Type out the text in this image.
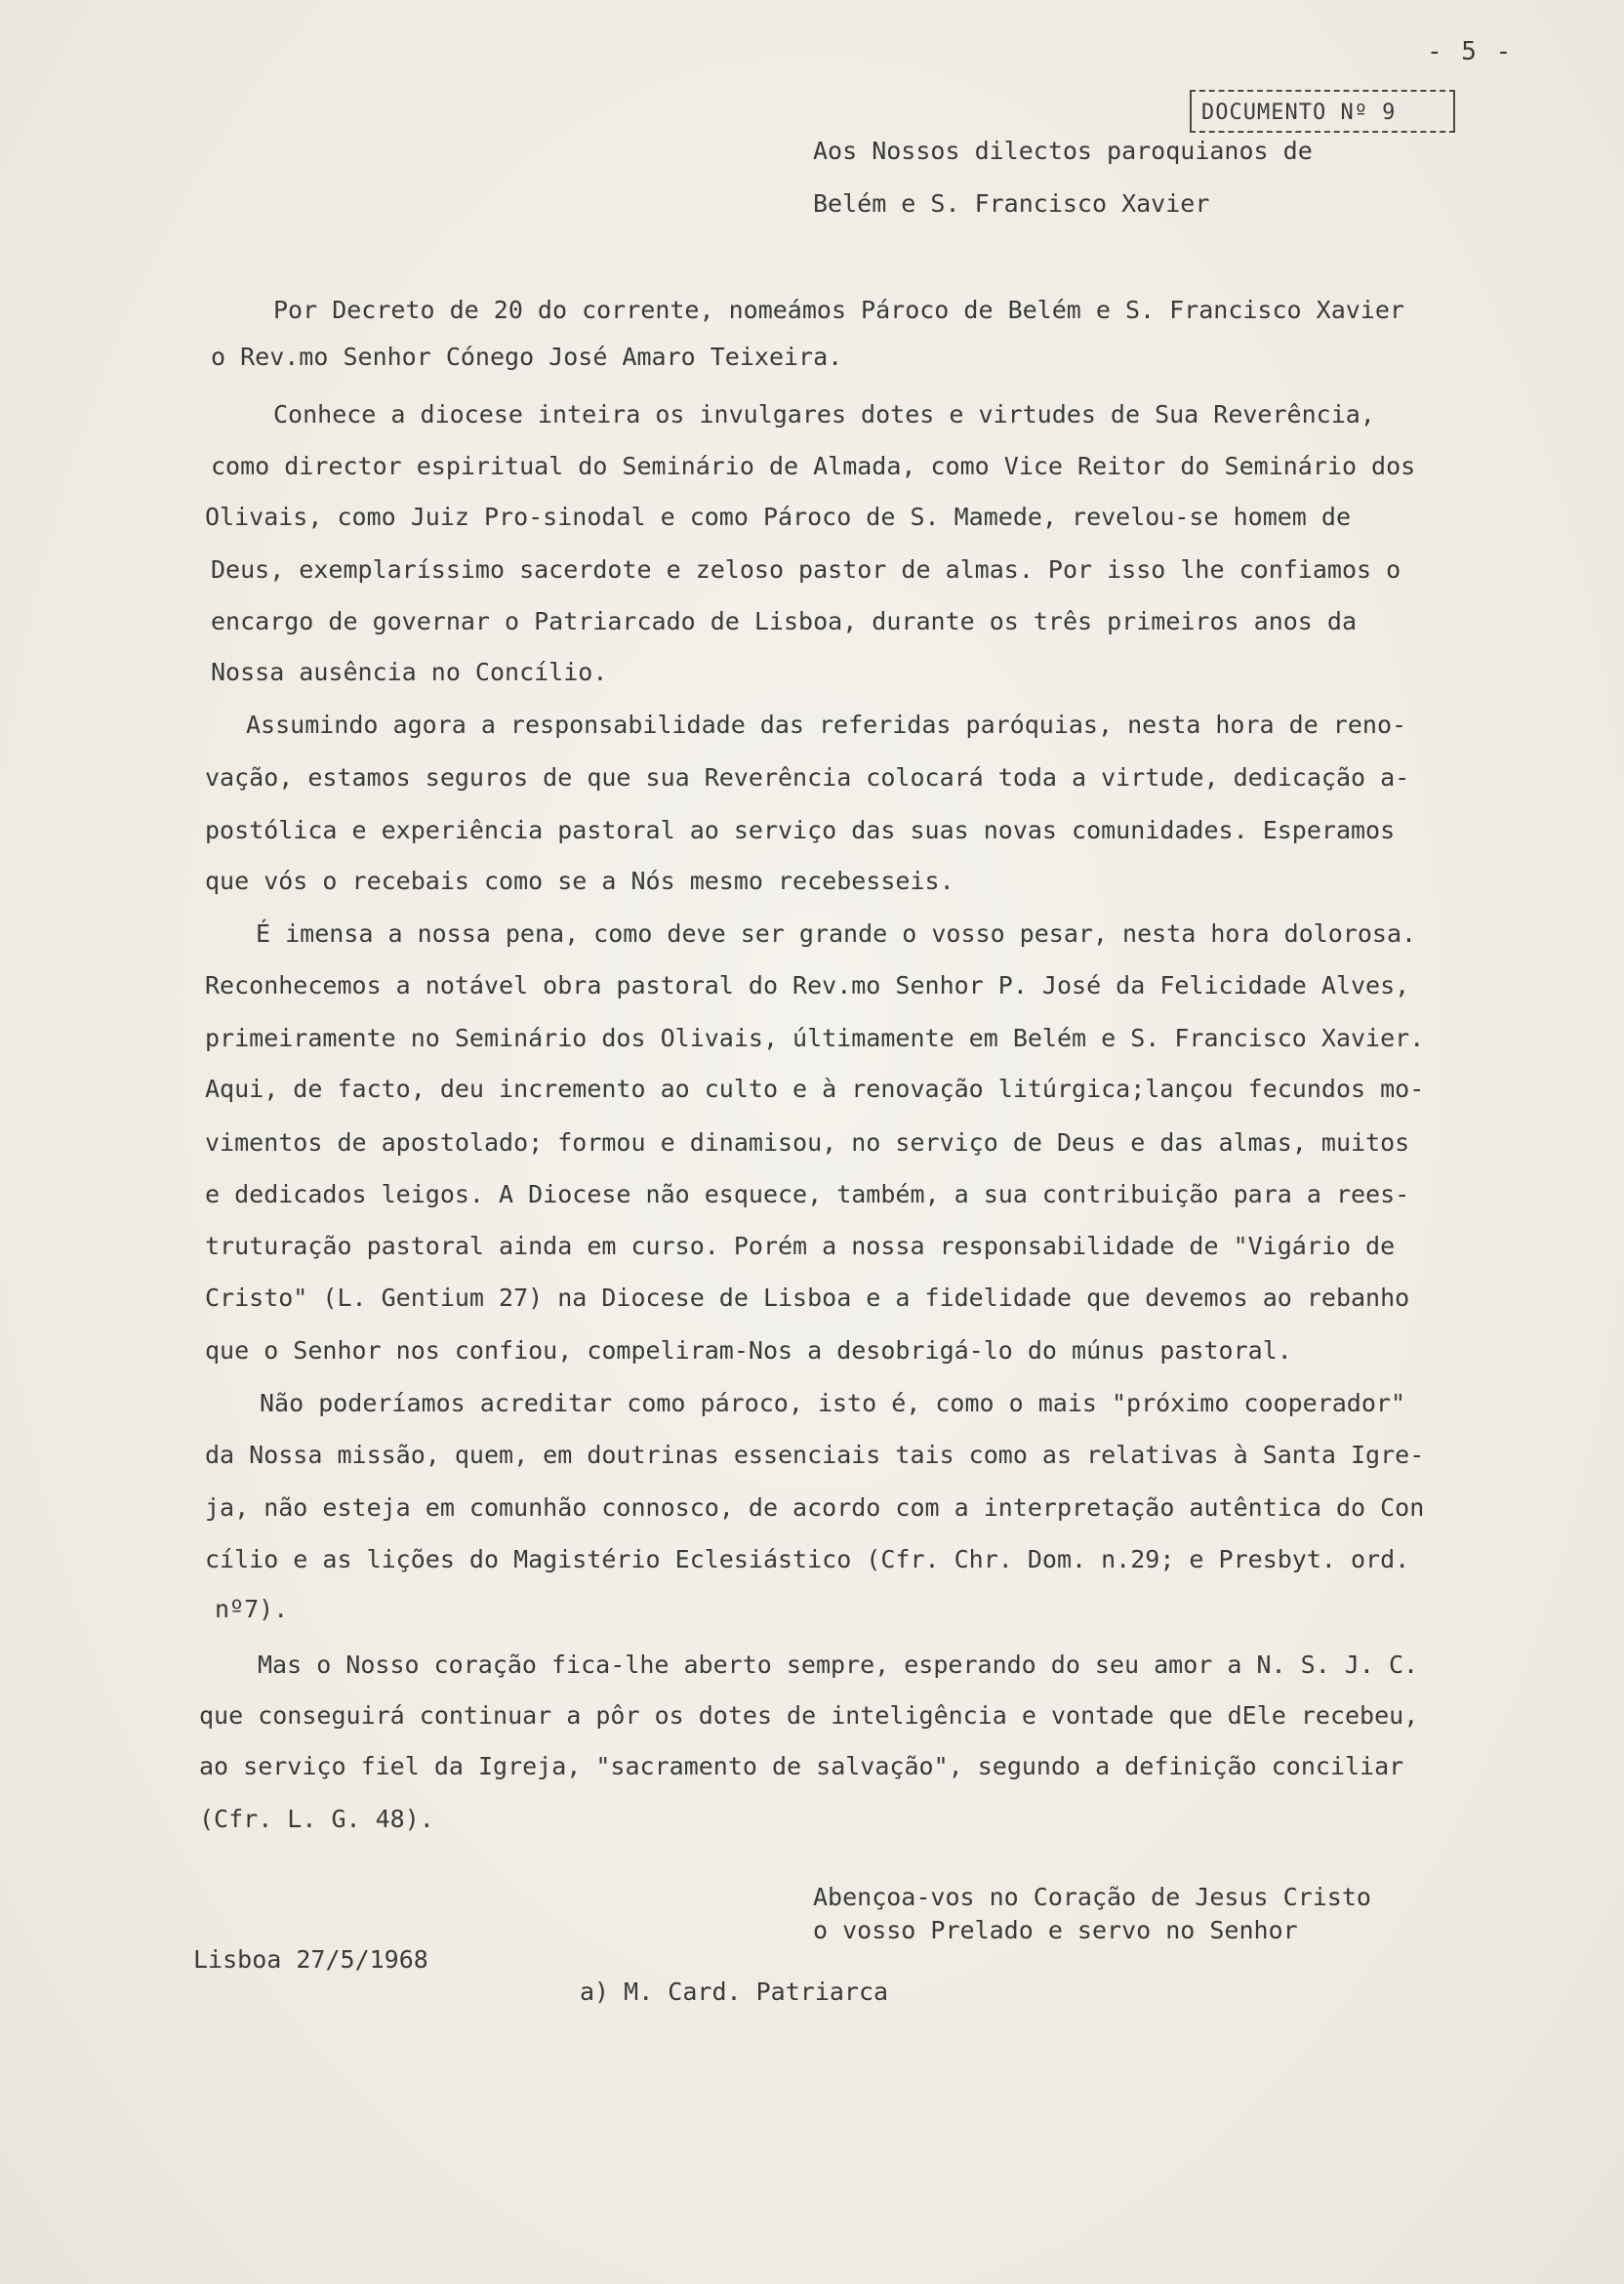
- 5 -
DOCUMENTO Nº 9
Aos Nossos dilectos paroquianos de
Belém e S. Francisco Xavier
Por Decreto de 20 do corrente, nomeámos Pároco de Belém e S. Francisco Xavier
o Rev.mo Senhor Cónego José Amaro Teixeira.
Conhece a diocese inteira os invulgares dotes e virtudes de Sua Reverência,
como director espiritual do Seminário de Almada, como Vice Reitor do Seminário dos
Olivais, como Juiz Pro-sinodal e como Pároco de S. Mamede, revelou-se homem de
Deus, exemplaríssimo sacerdote e zeloso pastor de almas. Por isso lhe confiamos o
encargo de governar o Patriarcado de Lisboa, durante os três primeiros anos da
Nossa ausência no Concílio.
Assumindo agora a responsabilidade das referidas paróquias, nesta hora de reno-
vação, estamos seguros de que sua Reverência colocará toda a virtude, dedicação a-
postólica e experiência pastoral ao serviço das suas novas comunidades. Esperamos
que vós o recebais como se a Nós mesmo recebesseis.
É imensa a nossa pena, como deve ser grande o vosso pesar, nesta hora dolorosa.
Reconhecemos a notável obra pastoral do Rev.mo Senhor P. José da Felicidade Alves,
primeiramente no Seminário dos Olivais, últimamente em Belém e S. Francisco Xavier.
Aqui, de facto, deu incremento ao culto e à renovação litúrgica;lançou fecundos mo-
vimentos de apostolado; formou e dinamisou, no serviço de Deus e das almas, muitos
e dedicados leigos. A Diocese não esquece, também, a sua contribuição para a rees-
truturação pastoral ainda em curso. Porém a nossa responsabilidade de "Vigário de
Cristo" (L. Gentium 27) na Diocese de Lisboa e a fidelidade que devemos ao rebanho
que o Senhor nos confiou, compeliram-Nos a desobrigá-lo do múnus pastoral.
Não poderíamos acreditar como pároco, isto é, como o mais "próximo cooperador"
da Nossa missão, quem, em doutrinas essenciais tais como as relativas à Santa Igre-
ja, não esteja em comunhão connosco, de acordo com a interpretação autêntica do Con
cílio e as lições do Magistério Eclesiástico (Cfr. Chr. Dom. n.29; e Presbyt. ord.
nº7).
Mas o Nosso coração fica-lhe aberto sempre, esperando do seu amor a N. S. J. C.
que conseguirá continuar a pôr os dotes de inteligência e vontade que dEle recebeu,
ao serviço fiel da Igreja, "sacramento de salvação", segundo a definição conciliar
(Cfr. L. G. 48).
Abençoa-vos no Coração de Jesus Cristo
o vosso Prelado e servo no Senhor
Lisboa 27/5/1968
a) M. Card. Patriarca
